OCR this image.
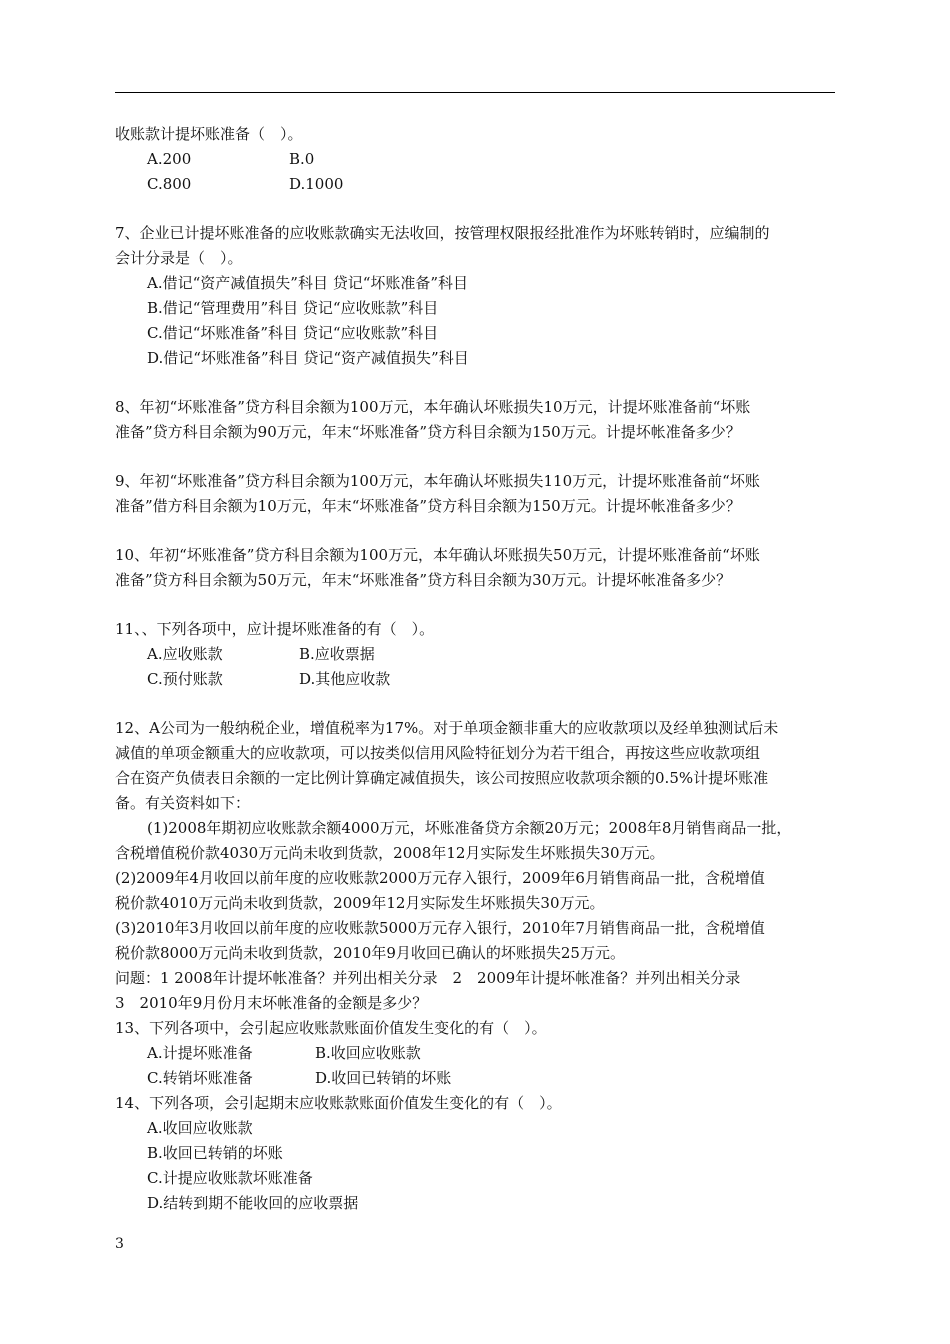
收账款计提坏账准备（　）。
A.200	B.0
C.800	D.1000
7、企业已计提坏账准备的应收账款确实无法收回，按管理权限报经批准作为坏账转销时，应编制的
会计分录是（　）。
A.借记“资产减值损失”科目 贷记“坏账准备”科目
B.借记“管理费用”科目 贷记“应收账款”科目
C.借记“坏账准备”科目 贷记“应收账款”科目
D.借记“坏账准备”科目 贷记“资产减值损失”科目
8、年初“坏账准备”贷方科目余额为100万元，本年确认坏账损失10万元，计提坏账准备前“坏账
准备”贷方科目余额为90万元，年末“坏账准备”贷方科目余额为150万元。计提坏帐准备多少？
9、年初“坏账准备”贷方科目余额为100万元，本年确认坏账损失110万元，计提坏账准备前“坏账
准备”借方科目余额为10万元，年末“坏账准备”贷方科目余额为150万元。计提坏帐准备多少？
10、年初“坏账准备”贷方科目余额为100万元，本年确认坏账损失50万元，计提坏账准备前“坏账
准备”贷方科目余额为50万元，年末“坏账准备”贷方科目余额为30万元。计提坏帐准备多少？
11、、下列各项中，应计提坏账准备的有（　）。
A.应收账款	B.应收票据
C.预付账款	D.其他应收款
12、A公司为一般纳税企业，增值税率为17%。对于单项金额非重大的应收款项以及经单独测试后未
减值的单项金额重大的应收款项，可以按类似信用风险特征划分为若干组合，再按这些应收款项组
合在资产负债表日余额的一定比例计算确定减值损失，该公司按照应收款项余额的0.5%计提坏账准
备。有关资料如下：
(1)2008年期初应收账款余额4000万元，坏账准备贷方余额20万元；2008年8月销售商品一批，
含税增值税价款4030万元尚未收到货款，2008年12月实际发生坏账损失30万元。
(2)2009年4月收回以前年度的应收账款2000万元存入银行，2009年6月销售商品一批，含税增值
税价款4010万元尚未收到货款，2009年12月实际发生坏账损失30万元。
(3)2010年3月收回以前年度的应收账款5000万元存入银行，2010年7月销售商品一批，含税增值
税价款8000万元尚未收到货款，2010年9月收回已确认的坏账损失25万元。
问题：1 2008年计提坏帐准备？并列出相关分录　2　2009年计提坏帐准备？并列出相关分录
3　2010年9月份月末坏帐准备的金额是多少？
13、下列各项中，会引起应收账款账面价值发生变化的有（　）。
A.计提坏账准备	B.收回应收账款
C.转销坏账准备	D.收回已转销的坏账
14、下列各项，会引起期末应收账款账面价值发生变化的有（　）。
A.收回应收账款
B.收回已转销的坏账
C.计提应收账款坏账准备
D.结转到期不能收回的应收票据
3
